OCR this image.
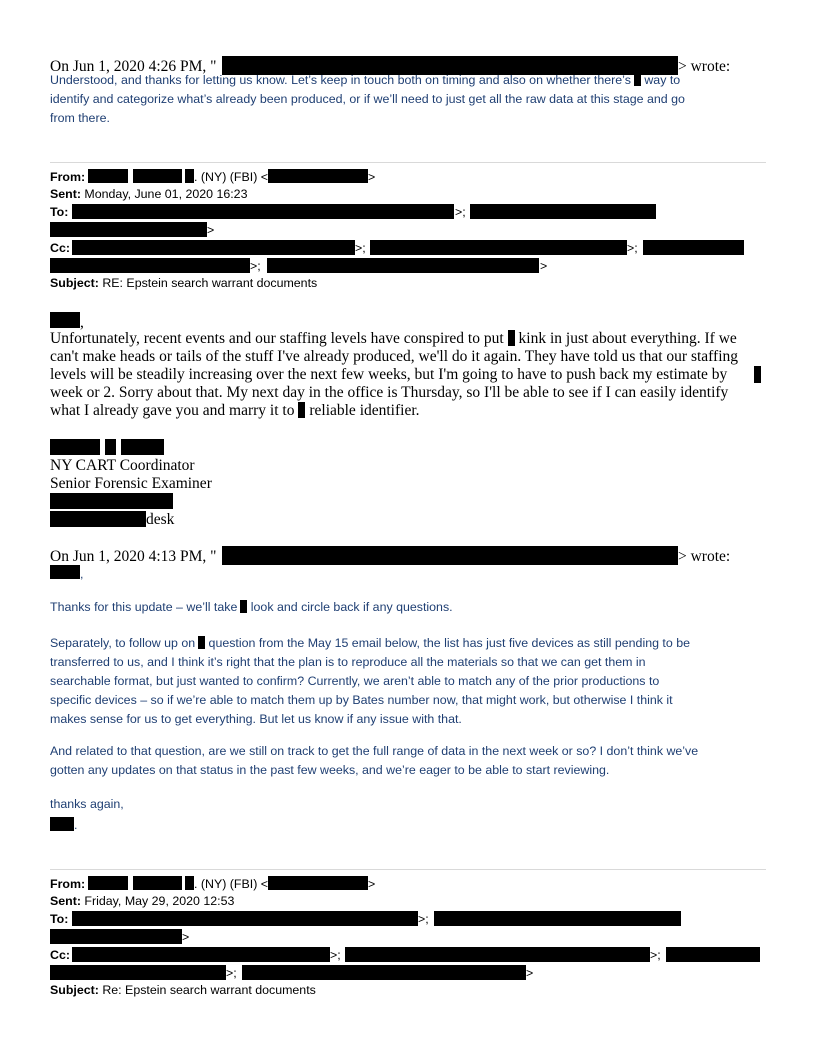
On Jun 1, 2020 4:26 PM, "	> wrote:
Understood, and thanks for letting us know. Let’s keep in touch both on timing and also on whether there’s way to
identify and categorize what’s already been produced, or if we’ll need to just get all the raw data at this stage and go
from there.
From:	. (NY) (FBI) <	>
Sent: Monday, June 01, 2020 16:23
To:	>;
>
Cc:	>;	>;
>;	>
Subject: RE: Epstein search warrant documents
,
Unfortunately, recent events and our staffing levels have conspired to put kink in just about everything. If we
can't make heads or tails of the stuff I've already produced, we'll do it again. They have told us that our staffing
levels will be steadily increasing over the next few weeks, but I'm going to have to push back my estimate by
week or 2. Sorry about that. My next day in the office is Thursday, so I'll be able to see if I can easily identify
what I already gave you and marry it to reliable identifier.
NY CART Coordinator
Senior Forensic Examiner
desk
On Jun 1, 2020 4:13 PM, "	> wrote:
,
Thanks for this update – we’ll take look and circle back if any questions.
Separately, to follow up on question from the May 15 email below, the list has just five devices as still pending to be
transferred to us, and I think it’s right that the plan is to reproduce all the materials so that we can get them in
searchable format, but just wanted to confirm? Currently, we aren’t able to match any of the prior productions to
specific devices – so if we’re able to match them up by Bates number now, that might work, but otherwise I think it
makes sense for us to get everything. But let us know if any issue with that.
And related to that question, are we still on track to get the full range of data in the next week or so? I don’t think we’ve
gotten any updates on that status in the past few weeks, and we’re eager to be able to start reviewing.
thanks again,
.
From:	. (NY) (FBI) <	>
Sent: Friday, May 29, 2020 12:53
To:	>;
>
Cc:	>;	>;
>;	>
Subject: Re: Epstein search warrant documents
